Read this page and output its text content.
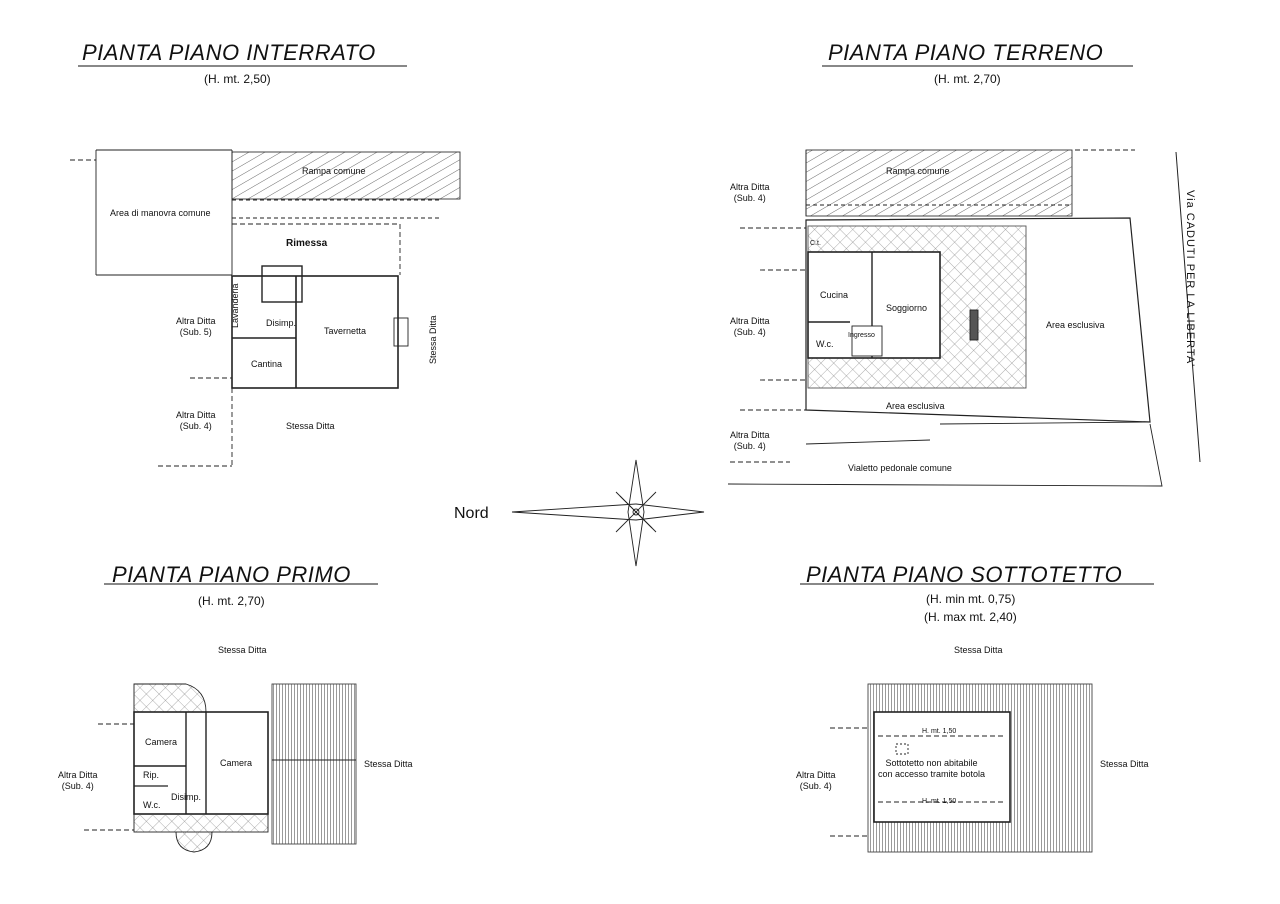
PIANTA PIANO INTERRATO
(H. mt. 2,50)
PIANTA PIANO TERRENO
(H. mt. 2,70)
PIANTA PIANO PRIMO
(H. mt. 2,70)
PIANTA PIANO SOTTOTETTO
(H. min mt. 0,75)
(H. max mt. 2,40)
Rampa comune
Area di manovra comune
Rimessa
Lavanderia	Disimp.
Tavernetta
Cantina
Altra Ditta
(Sub. 5)
Altra Ditta
(Sub. 4)
Stessa Ditta
Stessa Ditta
Rampa comune
Altra Ditta
(Sub. 4)
Altra Ditta
(Sub. 4)
Altra Ditta
(Sub. 4)
C.t.
Cucina
Soggiorno
W.c.
Ingresso
Area esclusiva
Area esclusiva
Vialetto pedonale comune
Via CADUTI PER LA LIBERTA'
Nord
Stessa Ditta
Stessa Ditta
Altra Ditta
(Sub. 4)
Camera
Camera
Rip.
Disimp.
W.c.
Stessa Ditta
Stessa Ditta
Altra Ditta
(Sub. 4)
H. mt. 1,50
H. mt. 1,50
Sottotetto non abitabile
con accesso tramite botola
